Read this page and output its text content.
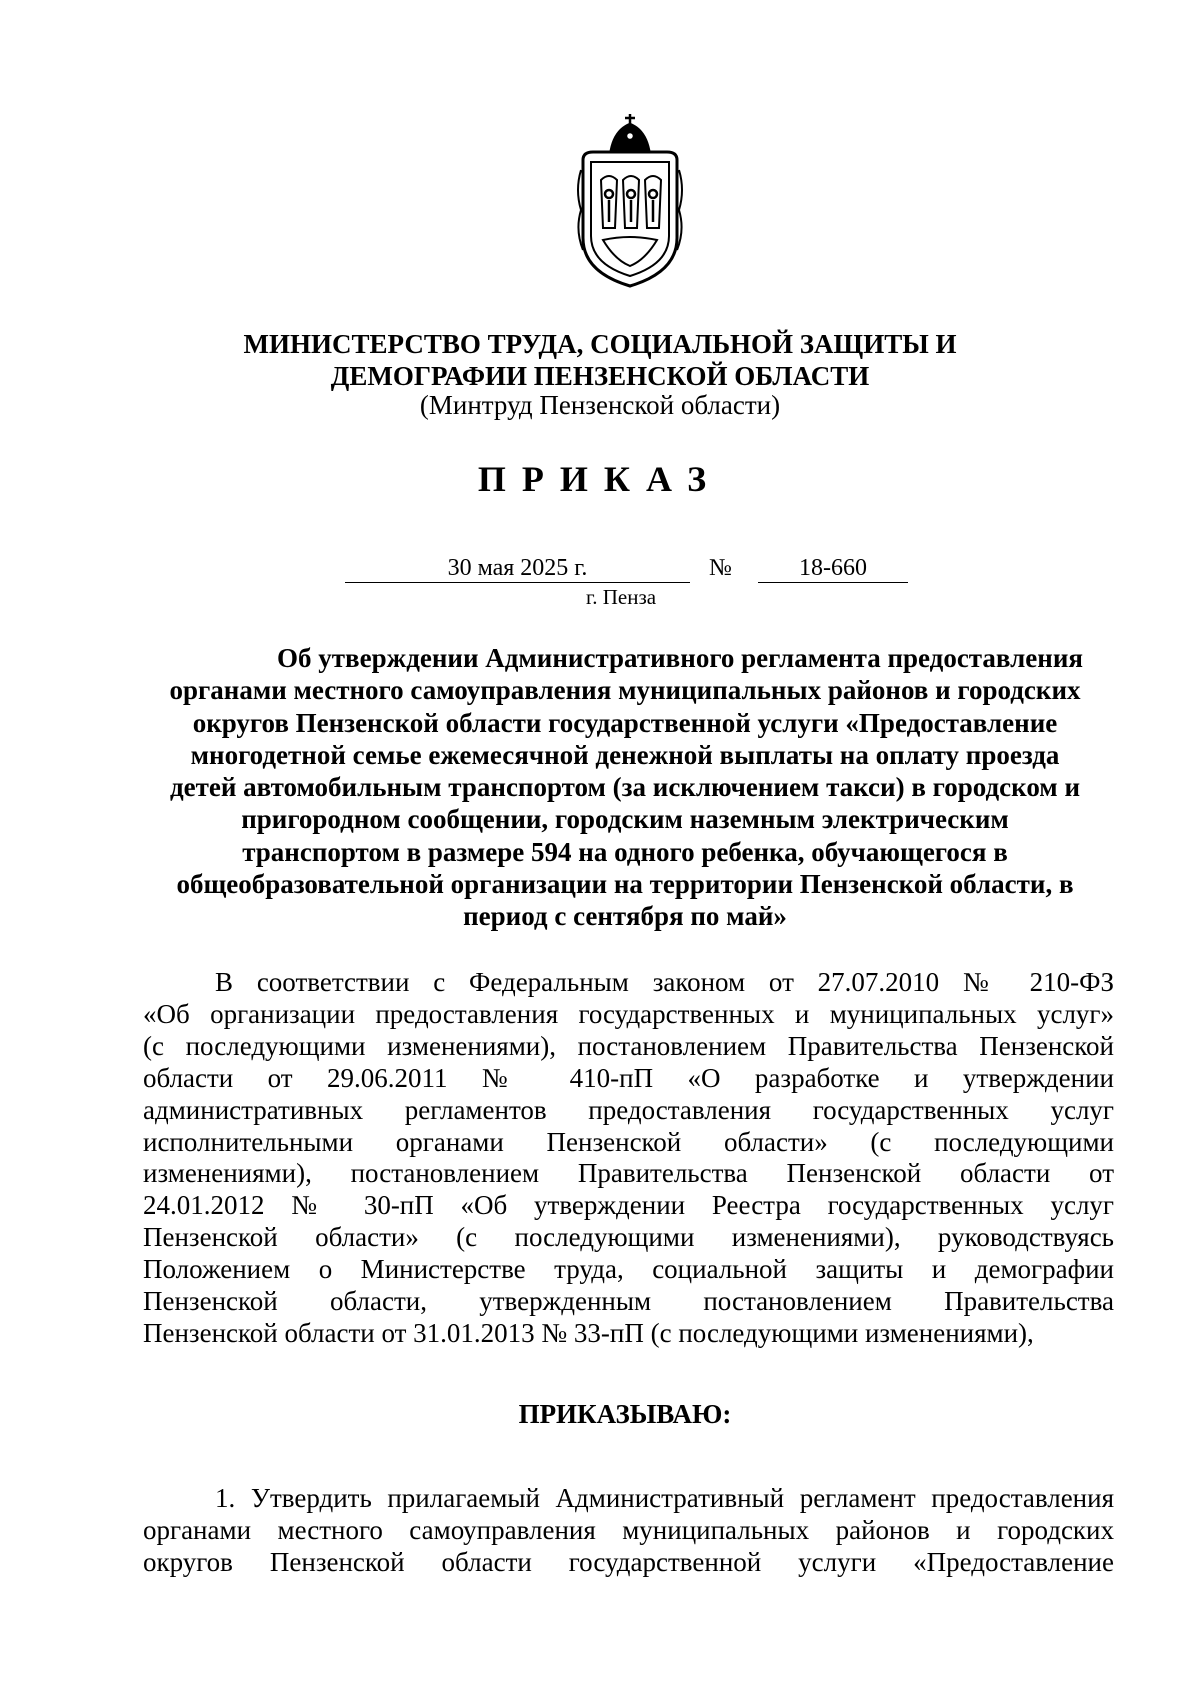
МИНИСТЕРСТВО ТРУДА, СОЦИАЛЬНОЙ ЗАЩИТЫ И
ДЕМОГРАФИИ ПЕНЗЕНСКОЙ ОБЛАСТИ
(Минтруд Пензенской области)
ПРИКАЗ
30 мая 2025 г.	№	18-660
г. Пенза
Об утверждении Административного регламента предоставления
органами местного самоуправления муниципальных районов и городских
округов Пензенской области государственной услуги «Предоставление
многодетной семье ежемесячной денежной выплаты на оплату проезда
детей автомобильным транспортом (за исключением такси) в городском и
пригородном сообщении, городским наземным электрическим
транспортом в размере 594 на одного ребенка, обучающегося в
общеобразовательной организации на территории Пензенской области, в
период с сентября по май»
В соответствии с Федеральным законом от 27.07.2010 № 210-ФЗ
«Об организации предоставления государственных и муниципальных услуг»
(с последующими изменениями), постановлением Правительства Пензенской
области от 29.06.2011 № 410-пП «О разработке и утверждении
административных регламентов предоставления государственных услуг
исполнительными органами Пензенской области» (с последующими
изменениями), постановлением Правительства Пензенской области от
24.01.2012 № 30-пП «Об утверждении Реестра государственных услуг
Пензенской области» (с последующими изменениями), руководствуясь
Положением о Министерстве труда, социальной защиты и демографии
Пензенской области, утвержденным постановлением Правительства
Пензенской области от 31.01.2013 № 33-пП (с последующими изменениями),
ПРИКАЗЫВАЮ:
1. Утвердить прилагаемый Административный регламент предоставления
органами местного самоуправления муниципальных районов и городских
округов Пензенской области государственной услуги «Предоставление
